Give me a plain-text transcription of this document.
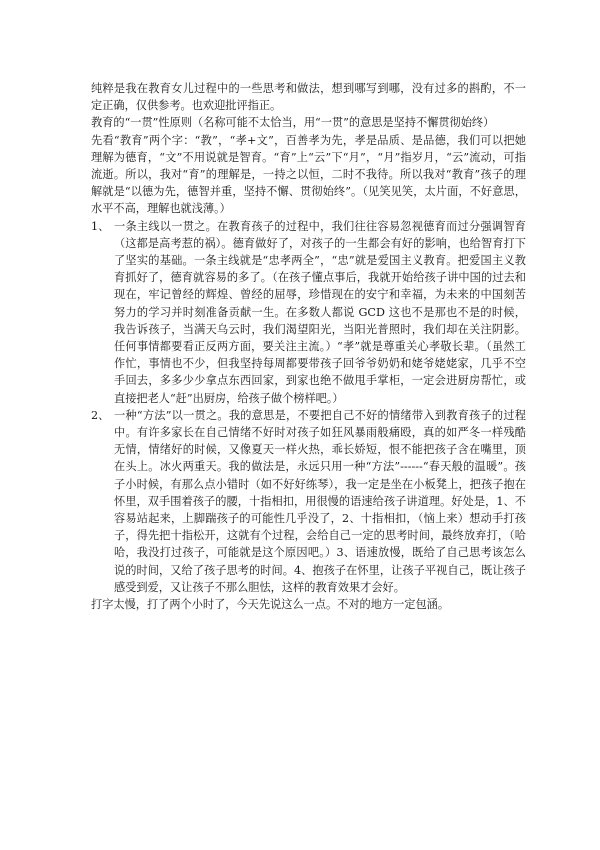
纯粹是我在教育女儿过程中的一些思考和做法，想到哪写到哪，没有过多的斟酌，不一定正确，仅供参考。也欢迎批评指正。

教育的“一贯”性原则（名称可能不太恰当，用“一贯”的意思是坚持不懈贯彻始终）

先看“教育”两个字：“教”，“孝+文”，百善孝为先，孝是品质、是品德，我们可以把她理解为德育，“文”不用说就是智育。“育”上“云”下“月”，“月”指岁月，“云”流动，可指流逝。所以，我对“育”的理解是，一持之以恒，二时不我待。所以我对“教育”孩子的理解就是“以德为先，德智并重，坚持不懈、贯彻始终”。（见笑见笑，太片面，不好意思，水平不高，理解也就浅薄。）

1、 一条主线以一贯之。在教育孩子的过程中，我们往往容易忽视德育而过分强调智育（这都是高考惹的祸）。德育做好了，对孩子的一生都会有好的影响，也给智育打下了坚实的基础。一条主线就是“忠孝两全”，“忠”就是爱国主义教育。把爱国主义教育抓好了，德育就容易的多了。（在孩子懂点事后，我就开始给孩子讲中国的过去和现在，牢记曾经的辉煌、曾经的屈辱，珍惜现在的安宁和幸福，为未来的中国刻苦努力的学习并时刻准备贡献一生。在多数人都说 GCD 这也不是那也不是的时候，我告诉孩子，当满天乌云时，我们渴望阳光，当阳光普照时，我们却在关注阴影。任何事情都要看正反两方面，要关注主流。）“孝”就是尊重关心孝敬长辈。（虽然工作忙，事情也不少，但我坚持每周都要带孩子回爷爷奶奶和姥爷姥姥家，几乎不空手回去，多多少少拿点东西回家，到家也绝不做甩手掌柜，一定会进厨房帮忙，或直接把老人“赶”出厨房，给孩子做个榜样吧。）
2、 一种“方法”以一贯之。我的意思是，不要把自己不好的情绪带入到教育孩子的过程中。有许多家长在自己情绪不好时对孩子如狂风暴雨般痛殴，真的如严冬一样残酷无情，情绪好的时候，又像夏天一样火热，乖长娇短，恨不能把孩子含在嘴里，顶在头上。冰火两重天。我的做法是，永远只用一种“方法”------“春天般的温暖”。孩子小时候，有那么点小错时（如不好好练琴），我一定是坐在小板凳上，把孩子抱在怀里，双手围着孩子的腰，十指相扣，用很慢的语速给孩子讲道理。好处是，1、不容易站起来，上脚踹孩子的可能性几乎没了，2、十指相扣，（恼上来）想动手打孩子，得先把十指松开，这就有个过程，会给自己一定的思考时间，最终放弃打，（哈哈，我没打过孩子，可能就是这个原因吧。）3、语速放慢，既给了自己思考该怎么说的时间，又给了孩子思考的时间。4、抱孩子在怀里，让孩子平视自己，既让孩子感受到爱，又让孩子不那么胆怯，这样的教育效果才会好。

打字太慢，打了两个小时了，今天先说这么一点。不对的地方一定包涵。
